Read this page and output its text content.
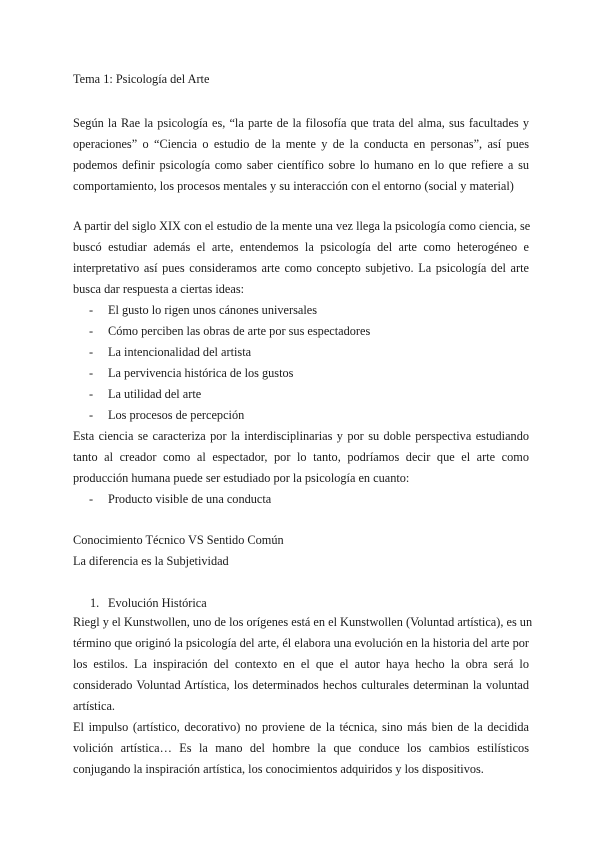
Tema 1: Psicología del Arte
Según la Rae la psicología es, “la parte de la filosofía que trata del alma, sus facultades y
operaciones” o “Ciencia o estudio de la mente y de la conducta en personas”, así pues
podemos definir psicología como saber científico sobre lo humano en lo que refiere a su
comportamiento, los procesos mentales y su interacción con el entorno (social y material)
A partir del siglo XIX con el estudio de la mente una vez llega la psicología como ciencia, se
buscó estudiar además el arte, entendemos la psicología del arte como heterogéneo e
interpretativo así pues consideramos arte como concepto subjetivo. La psicología del arte
busca dar respuesta a ciertas ideas:
- El gusto lo rigen unos cánones universales
- Cómo perciben las obras de arte por sus espectadores
- La intencionalidad del artista
- La pervivencia histórica de los gustos
- La utilidad del arte
- Los procesos de percepción
Esta ciencia se caracteriza por la interdisciplinarias y por su doble perspectiva estudiando
tanto al creador como al espectador, por lo tanto, podríamos decir que el arte como
producción humana puede ser estudiado por la psicología en cuanto:
- Producto visible de una conducta
Conocimiento Técnico VS Sentido Común
La diferencia es la Subjetividad
1. Evolución Histórica
Riegl y el Kunstwollen, uno de los orígenes está en el Kunstwollen (Voluntad artística), es un
término que originó la psicología del arte, él elabora una evolución en la historia del arte por
los estilos. La inspiración del contexto en el que el autor haya hecho la obra será lo
considerado Voluntad Artística, los determinados hechos culturales determinan la voluntad
artística.
El impulso (artístico, decorativo) no proviene de la técnica, sino más bien de la decidida
volición artística… Es la mano del hombre la que conduce los cambios estilísticos
conjugando la inspiración artística, los conocimientos adquiridos y los dispositivos.
